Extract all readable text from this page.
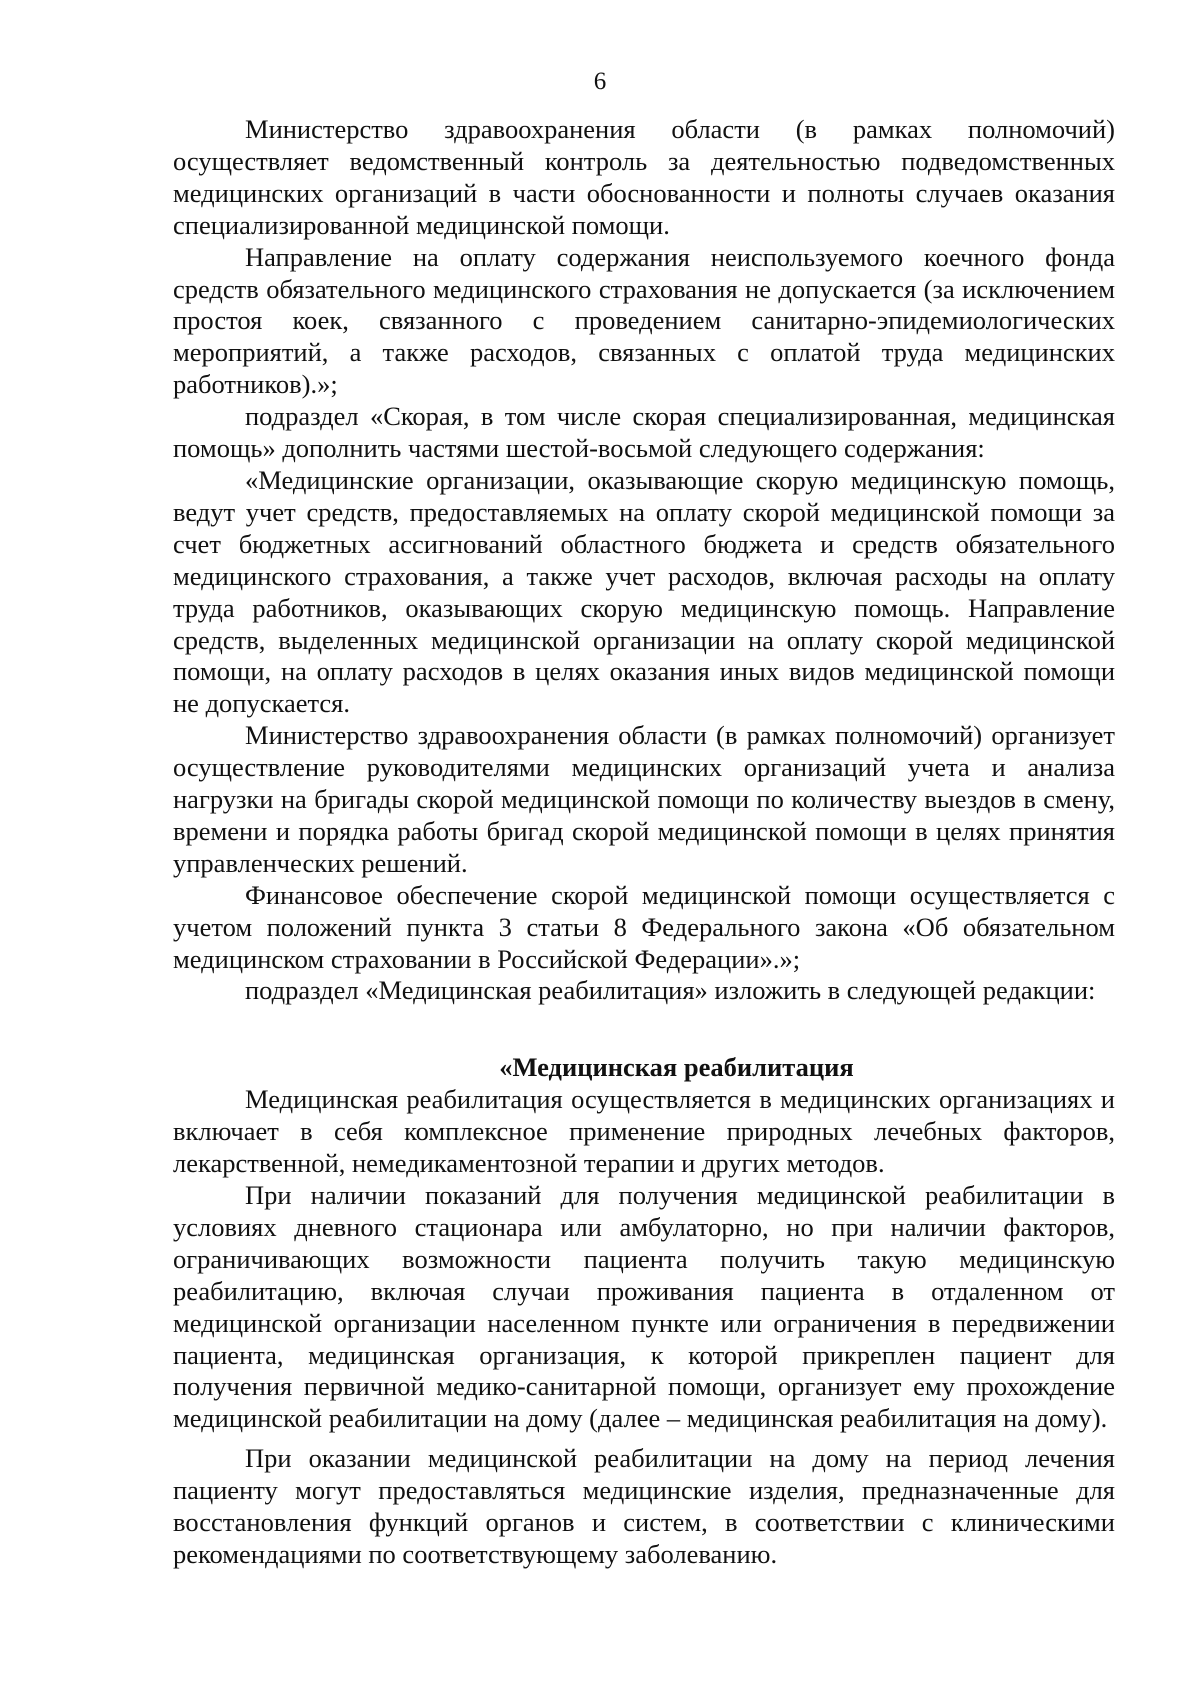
6

Министерство здравоохранения области (в рамках полномочий) осуществляет ведомственный контроль за деятельностью подведомственных медицинских организаций в части обоснованности и полноты случаев оказания специализированной медицинской помощи.

Направление на оплату содержания неиспользуемого коечного фонда средств обязательного медицинского страхования не допускается (за исключением простоя коек, связанного с проведением санитарно-эпидемиологических мероприятий, а также расходов, связанных с оплатой труда медицинских работников).»;

подраздел «Скорая, в том числе скорая специализированная, медицинская помощь» дополнить частями шестой-восьмой следующего содержания:

«Медицинские организации, оказывающие скорую медицинскую помощь, ведут учет средств, предоставляемых на оплату скорой медицинской помощи за счет бюджетных ассигнований областного бюджета и средств обязательного медицинского страхования, а также учет расходов, включая расходы на оплату труда работников, оказывающих скорую медицинскую помощь. Направление средств, выделенных медицинской организации на оплату скорой медицинской помощи, на оплату расходов в целях оказания иных видов медицинской помощи не допускается.

Министерство здравоохранения области (в рамках полномочий) организует осуществление руководителями медицинских организаций учета и анализа нагрузки на бригады скорой медицинской помощи по количеству выездов в смену, времени и порядка работы бригад скорой медицинской помощи в целях принятия управленческих решений.

Финансовое обеспечение скорой медицинской помощи осуществляется с учетом положений пункта 3 статьи 8 Федерального закона «Об обязательном медицинском страховании в Российской Федерации».»;

подраздел «Медицинская реабилитация» изложить в следующей редакции:

«Медицинская реабилитация

Медицинская реабилитация осуществляется в медицинских организациях и включает в себя комплексное применение природных лечебных факторов, лекарственной, немедикаментозной терапии и других методов.

При наличии показаний для получения медицинской реабилитации в условиях дневного стационара или амбулаторно, но при наличии факторов, ограничивающих возможности пациента получить такую медицинскую реабилитацию, включая случаи проживания пациента в отдаленном от медицинской организации населенном пункте или ограничения в передвижении пациента, медицинская организация, к которой прикреплен пациент для получения первичной медико-санитарной помощи, организует ему прохождение медицинской реабилитации на дому (далее – медицинская реабилитация на дому).

При оказании медицинской реабилитации на дому на период лечения пациенту могут предоставляться медицинские изделия, предназначенные для восстановления функций органов и систем, в соответствии с клиническими рекомендациями по соответствующему заболеванию.
